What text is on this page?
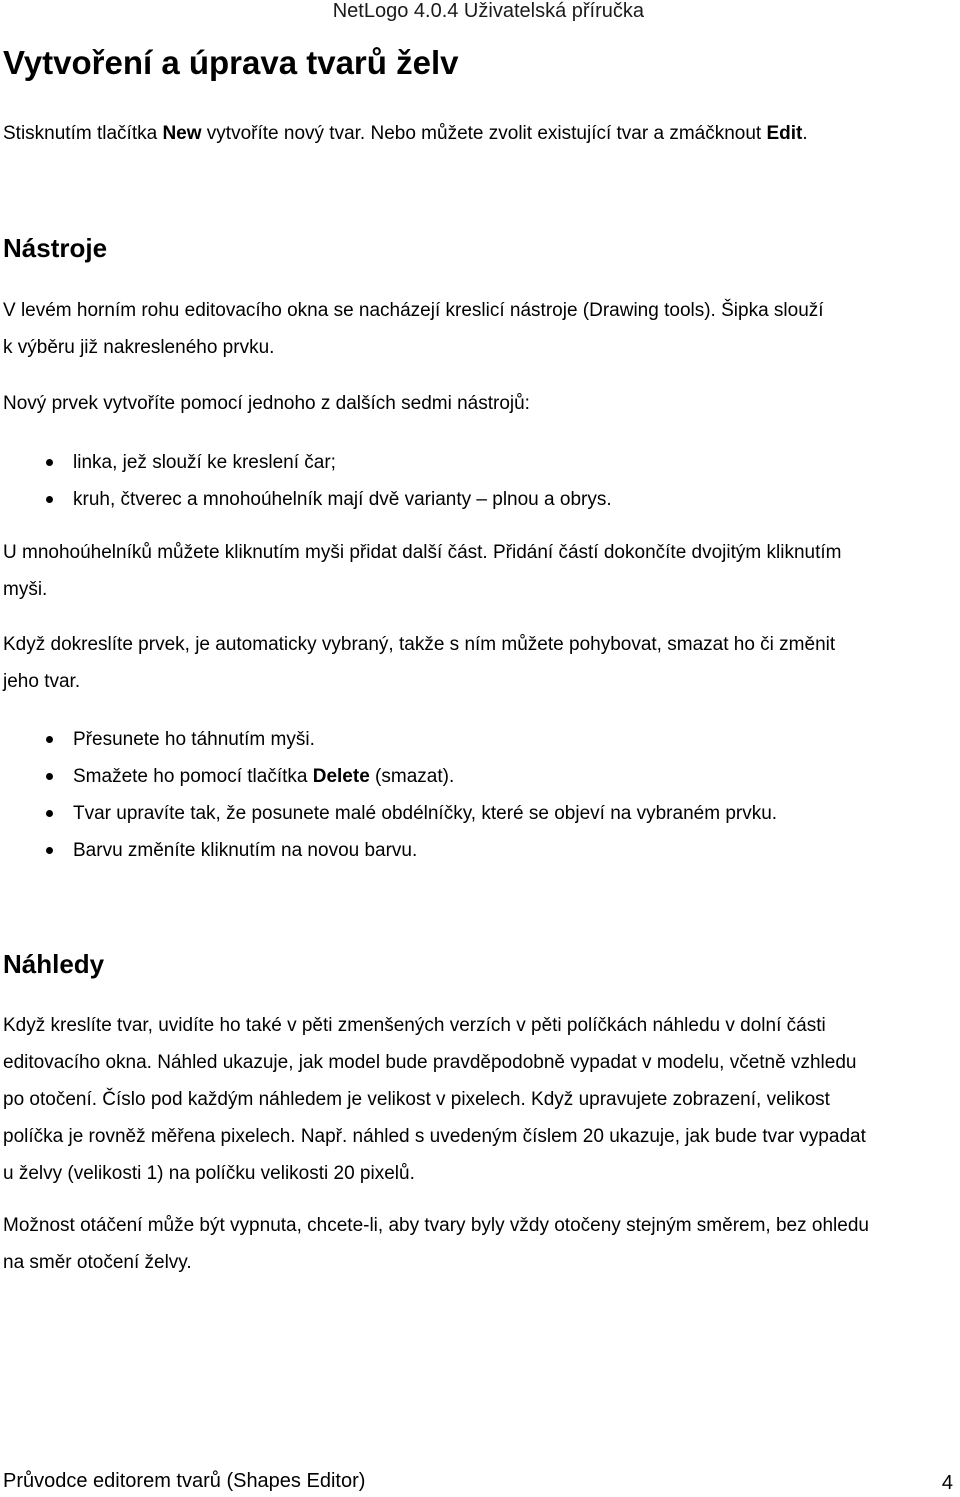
NetLogo 4.0.4 Uživatelská příručka
Vytvoření a úprava tvarů želv
Stisknutím tlačítka New vytvoříte nový tvar. Nebo můžete zvolit existující tvar a zmáčknout Edit.
Nástroje
V levém horním rohu editovacího okna se nacházejí kreslicí nástroje (Drawing tools). Šipka slouží
k výběru již nakresleného prvku.
Nový prvek vytvoříte pomocí jednoho z dalších sedmi nástrojů:
linka, jež slouží ke kreslení čar;
kruh, čtverec a mnohoúhelník mají dvě varianty – plnou a obrys.
U mnohoúhelníků můžete kliknutím myši přidat další část. Přidání částí dokončíte dvojitým kliknutím
myši.
Když dokreslíte prvek, je automaticky vybraný, takže s ním můžete pohybovat, smazat ho či změnit
jeho tvar.
Přesunete ho táhnutím myši.
Smažete ho pomocí tlačítka Delete (smazat).
Tvar upravíte tak, že posunete malé obdélníčky, které se objeví na vybraném prvku.
Barvu změníte kliknutím na novou barvu.
Náhledy
Když kreslíte tvar, uvidíte ho také v pěti zmenšených verzích v pěti políčkách náhledu v dolní části
editovacího okna. Náhled ukazuje, jak model bude pravděpodobně vypadat v modelu, včetně vzhledu
po otočení. Číslo pod každým náhledem je velikost v pixelech. Když upravujete zobrazení, velikost
políčka je rovněž měřena pixelech. Např. náhled s uvedeným číslem 20 ukazuje, jak bude tvar vypadat
u želvy (velikosti 1) na políčku velikosti 20 pixelů.
Možnost otáčení může být vypnuta, chcete-li, aby tvary byly vždy otočeny stejným směrem, bez ohledu
na směr otočení želvy.
Průvodce editorem tvarů (Shapes Editor)	4
